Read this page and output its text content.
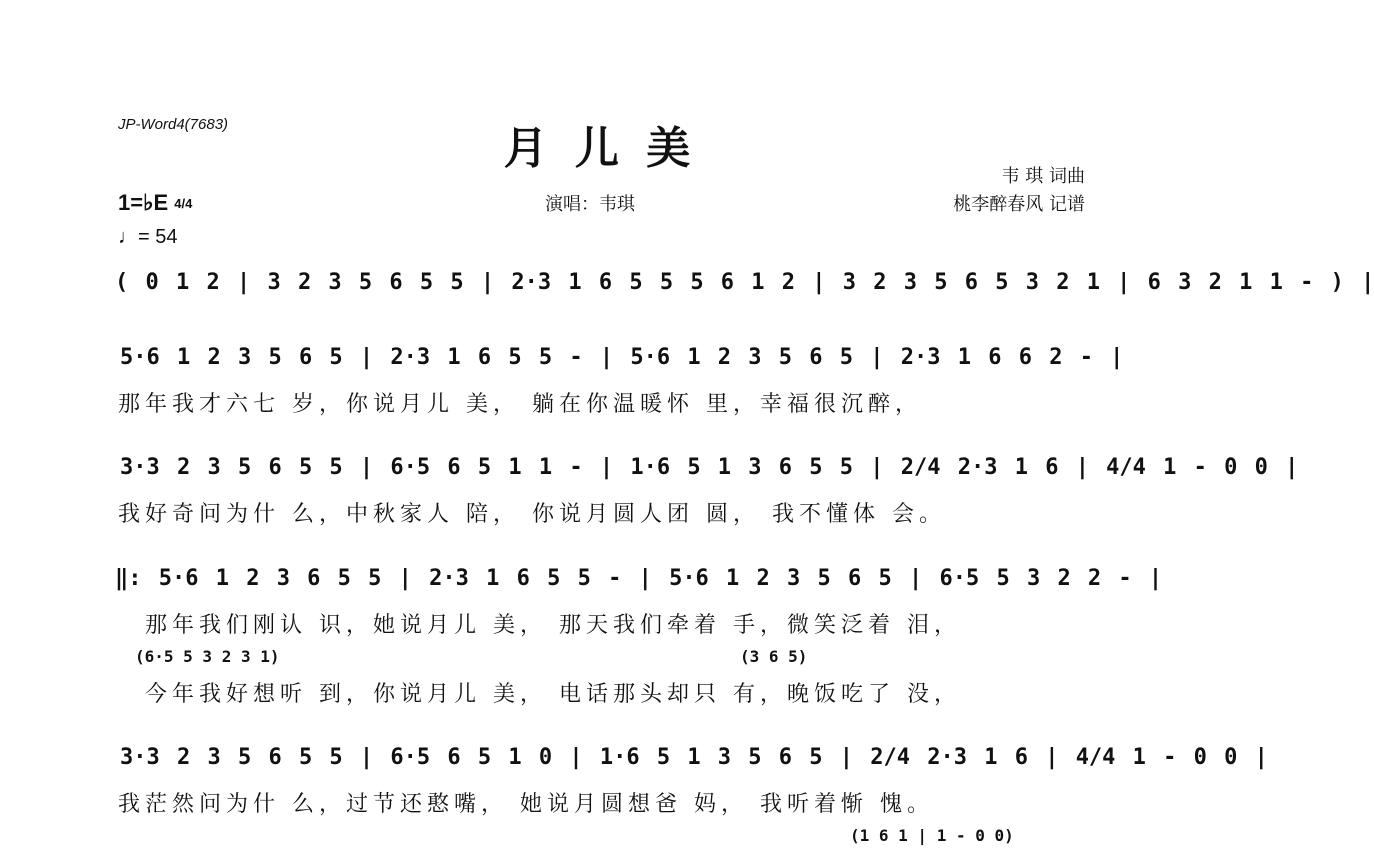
JP-Word4(7683)	月 儿 美
演唱：韦琪
韦 琪 词曲
桃李醉春风 记谱
1=♭E 4/4
♩= 54
( 0 1 2 | 3 2 3 5 6 5 5 | 2·3 1 6 5 5 5 6 1 2 | 3 2 3 5 6 5 3 2 1 | 6 3 2 1 1 - ) |
5·6 1 2 3 5 6 5 | 2·3 1 6 5 5 - | 5·6 1 2 3 5 6 5 | 2·3 1 6 6 2 - |
那年我才六七 岁，你说月儿 美， 躺在你温暖怀 里，幸福很沉醉，
3·3 2 3 5 6 5 5 | 6·5 6 5 1 1 - | 1·6 5 1 3 6 5 5 | 2/4 2·3 1 6 | 4/4 1 - 0 0 |
我好奇问为什 么，中秋家人 陪， 你说月圆人团 圆， 我不懂体 会。
‖: 5·6 1 2 3 6 5 5 | 2·3 1 6 5 5 - | 5·6 1 2 3 5 6 5 | 6·5 5 3 2 2 - |
那年我们刚认 识，她说月儿 美， 那天我们牵着 手，微笑泛着 泪，
(6·5 5 3 2 3 1)	(3 6 5)
今年我好想听 到，你说月儿 美， 电话那头却只 有，晚饭吃了 没，
3·3 2 3 5 6 5 5 | 6·5 6 5 1 0 | 1·6 5 1 3 5 6 5 | 2/4 2·3 1 6 | 4/4 1 - 0 0 |
我茫然问为什 么，过节还憨嘴， 她说月圆想爸 妈， 我听着惭 愧。
(1 6 1 | 1 - 0 0)
